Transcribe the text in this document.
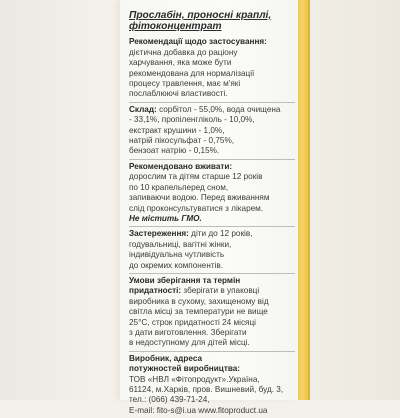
Прослабін, проносні краплі,
фітоконцентрат
Рекомендації щодо застосування:
дієтична добавка до раціону
харчування, яка може бути
рекомендована для нормалізації
процесу травлення, має м'які
послаблюючі властивості.
Склад: сорбітол - 55,0%, вода очищена
- 33,1%, пропіленгліколь - 10,0%,
екстракт крушини - 1,0%,
натрій пікосульфат - 0,75%,
бензоат натрію - 0,15%.
Рекомендовано вживати:
дорослим та дітям старше 12 років
по 10 крапельперед сном,
запиваючи водою. Перед вживанням
слід проконсультуватися з лікарем.
Не містить ГМО.
Застереження: діти до 12 років,
годувальниці, вагітні жінки,
індивідуальна чутливість
до окремих компонентів.
Умови зберігання та термін
придатності: зберігати в упаковці
виробника в сухому, захищеному від
світла місці за температури не вище
25°С, строк придатності 24 місяці
з дати виготовлення. Зберігати
в недоступному для дітей місці.
Виробник, адреса
потужностей виробництва:
ТОВ «НВЛ «Фітопродукт».Україна,
61124, м.Харків, пров. Вишневий, буд. 3,
тел.: (066) 439-71-24,
E-mail: fito-s@i.ua www.fitoproduct.ua
